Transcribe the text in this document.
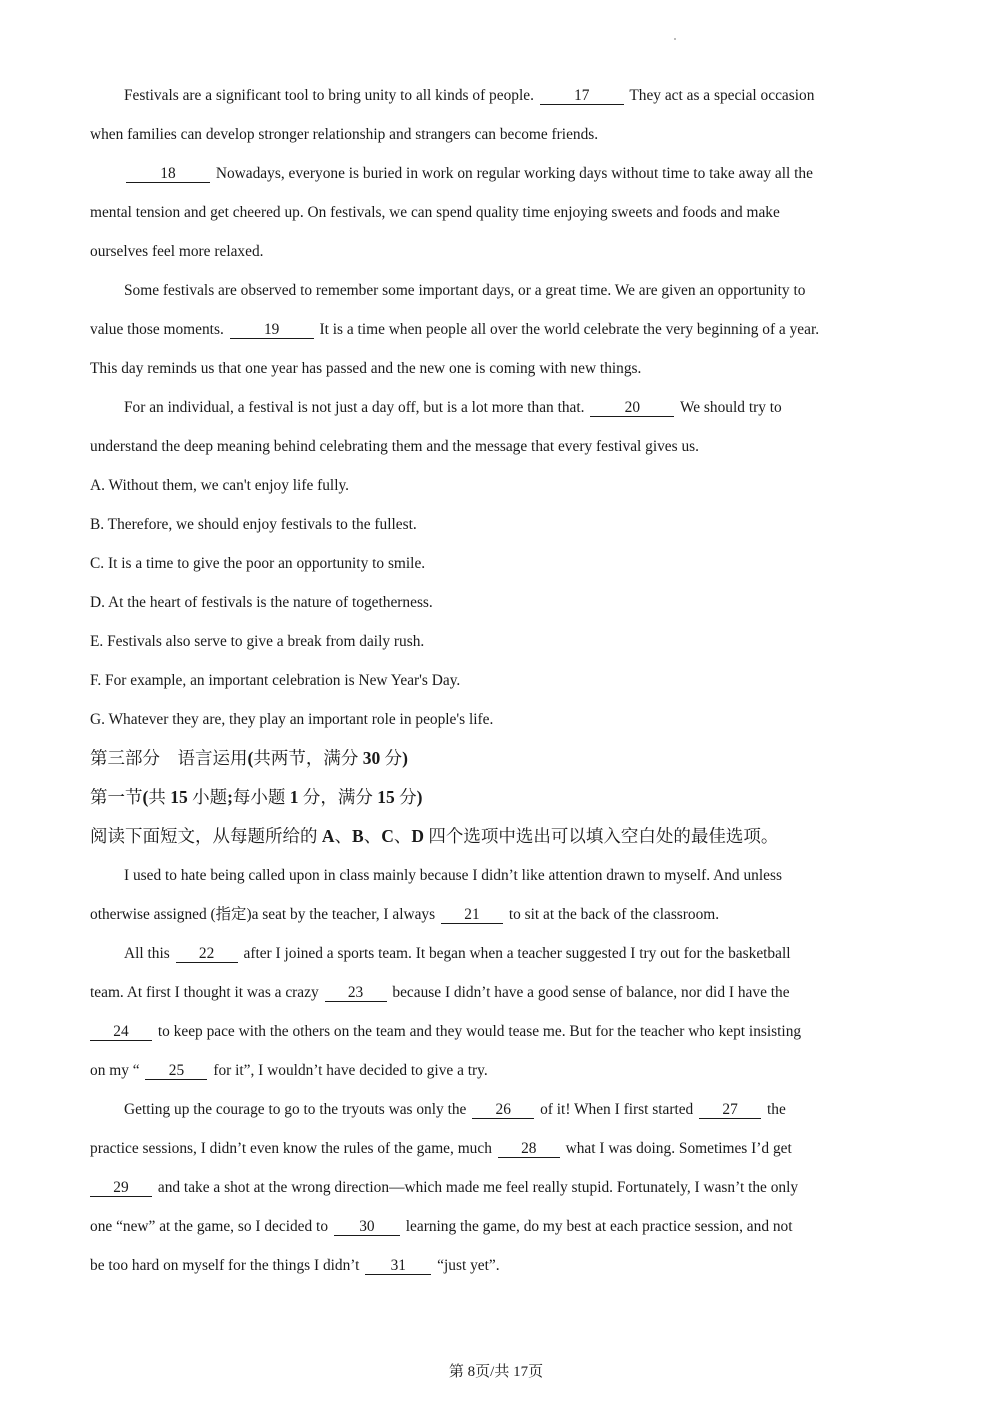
Festivals are a significant tool to bring unity to all kinds of people.	17	They act as a special occasion
when families can develop stronger relationship and strangers can become friends.
18	Nowadays, everyone is buried in work on regular working days without time to take away all the
mental tension and get cheered up. On festivals, we can spend quality time enjoying sweets and foods and make
ourselves feel more relaxed.
Some festivals are observed to remember some important days, or a great time. We are given an opportunity to
value those moments.	19	It is a time when people all over the world celebrate the very beginning of a year.
This day reminds us that one year has passed and the new one is coming with new things.
For an individual, a festival is not just a day off, but is a lot more than that.	20	We should try to
understand the deep meaning behind celebrating them and the message that every festival gives us.
A. Without them, we can't enjoy life fully.
B. Therefore, we should enjoy festivals to the fullest.
C. It is a time to give the poor an opportunity to smile.
D. At the heart of festivals is the nature of togetherness.
E. Festivals also serve to give a break from daily rush.
F. For example, an important celebration is New Year's Day.
G. Whatever they are, they play an important role in people's life.
第三部分　语言运用(共两节，满分 30 分)
第一节(共 15 小题;每小题 1 分，满分 15 分)
阅读下面短文，从每题所给的 A、B、C、D 四个选项中选出可以填入空白处的最佳选项。
I used to hate being called upon in class mainly because I didn’t like attention drawn to myself. And unless
otherwise assigned (指定)a seat by the teacher, I always 21 to sit at the back of the classroom.
All this 22 after I joined a sports team. It began when a teacher suggested I try out for the basketball
team. At first I thought it was a crazy 23 because I didn’t have a good sense of balance, nor did I have the
24 to keep pace with the others on the team and they would tease me. But for the teacher who kept insisting
on my “ 25 for it”, I wouldn’t have decided to give a try.
Getting up the courage to go to the tryouts was only the 26 of it! When I first started 27 the
practice sessions, I didn’t even know the rules of the game, much 28 what I was doing. Sometimes I’d get
29 and take a shot at the wrong direction—which made me feel really stupid. Fortunately, I wasn’t the only
one “new” at the game, so I decided to 30 learning the game, do my best at each practice session, and not
be too hard on myself for the things I didn’t 31 “just yet”.
第 8页/共 17页
